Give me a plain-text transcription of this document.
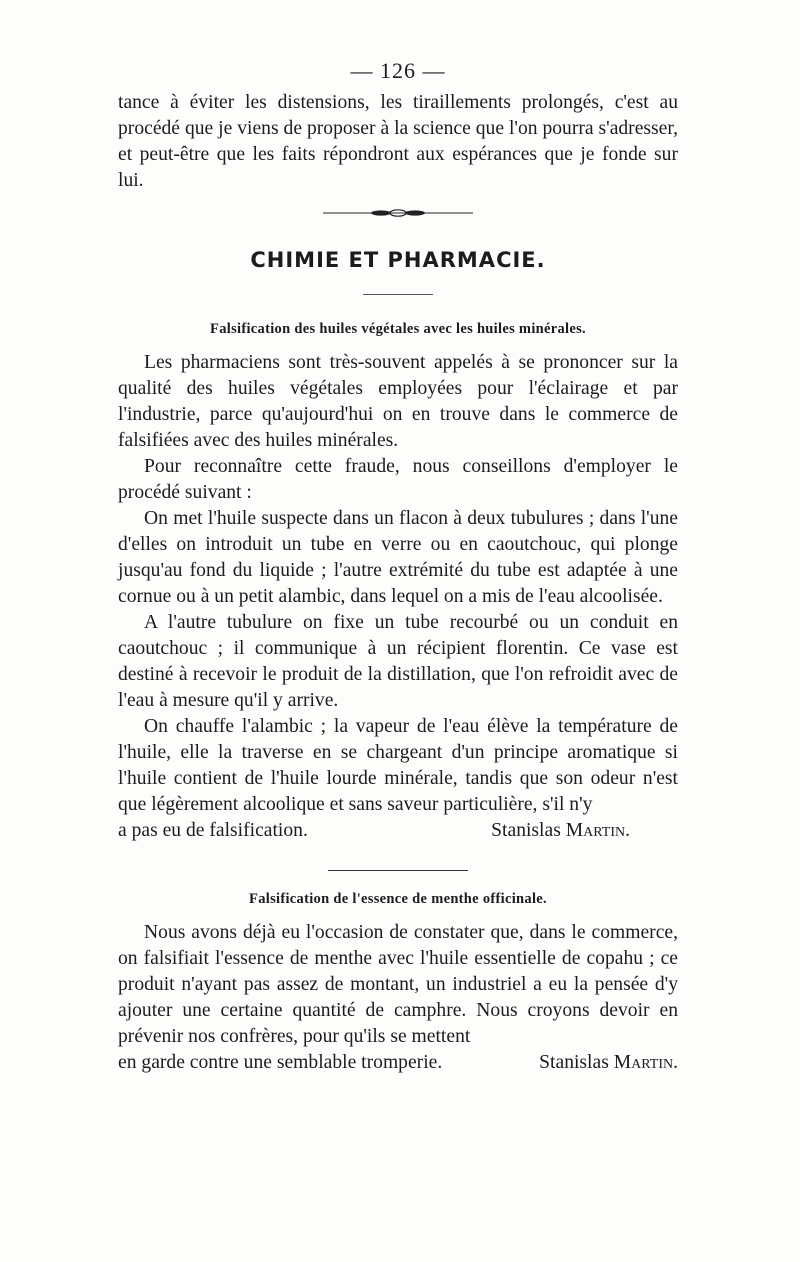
— 126 —

tance à éviter les distensions, les tiraillements prolongés, c'est au procédé que je viens de proposer à la science que l'on pourra s'adresser, et peut-être que les faits répondront aux espérances que je fonde sur lui.

CHIMIE ET PHARMACIE.
Falsification des huiles végétales avec les huiles minérales.

Les pharmaciens sont très-souvent appelés à se prononcer sur la qualité des huiles végétales employées pour l'éclairage et par l'industrie, parce qu'aujourd'hui on en trouve dans le commerce de falsifiées avec des huiles minérales.

Pour reconnaître cette fraude, nous conseillons d'employer le procédé suivant :

On met l'huile suspecte dans un flacon à deux tubulures ; dans l'une d'elles on introduit un tube en verre ou en caoutchouc, qui plonge jusqu'au fond du liquide ; l'autre extrémité du tube est adaptée à une cornue ou à un petit alambic, dans lequel on a mis de l'eau alcoolisée.

A l'autre tubulure on fixe un tube recourbé ou un conduit en caoutchouc ; il communique à un récipient florentin. Ce vase est destiné à recevoir le produit de la distillation, que l'on refroidit avec de l'eau à mesure qu'il y arrive.

On chauffe l'alambic ; la vapeur de l'eau élève la température de l'huile, elle la traverse en se chargeant d'un principe aromatique si l'huile contient de l'huile lourde minérale, tandis que son odeur n'est que légèrement alcoolique et sans saveur particulière, s'il n'y

a pas eu de falsification.	Stanislas Martin.

Falsification de l'essence de menthe officinale.

Nous avons déjà eu l'occasion de constater que, dans le commerce, on falsifiait l'essence de menthe avec l'huile essentielle de copahu ; ce produit n'ayant pas assez de montant, un industriel a eu la pensée d'y ajouter une certaine quantité de camphre. Nous croyons devoir en prévenir nos confrères, pour qu'ils se mettent

en garde contre une semblable tromperie.	Stanislas Martin.
